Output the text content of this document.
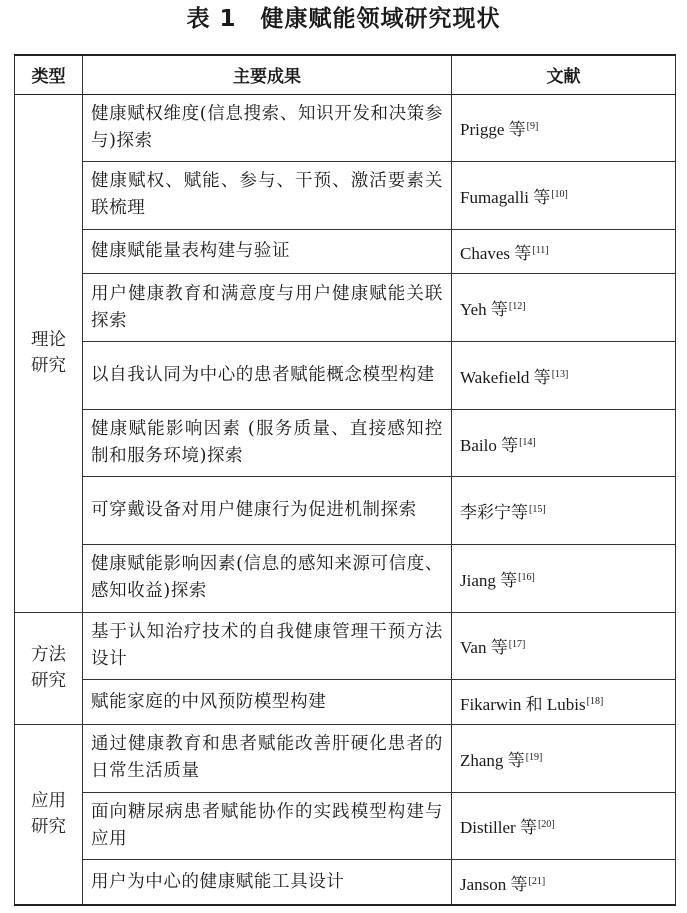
表 1　健康赋能领域研究现状
类型	主要成果	文献
理论研究	健康赋权维度(信息搜索、知识开发和决策参与)探索	Prigge 等[9]
	健康赋权、赋能、参与、干预、激活要素关联梳理	Fumagalli 等[10]
	健康赋能量表构建与验证	Chaves 等[11]
	用户健康教育和满意度与用户健康赋能关联探索	Yeh 等[12]
	以自我认同为中心的患者赋能概念模型构建	Wakefield 等[13]
	健康赋能影响因素 (服务质量、直接感知控制和服务环境)探索	Bailo 等[14]
	可穿戴设备对用户健康行为促进机制探索	李彩宁等[15]
	健康赋能影响因素(信息的感知来源可信度、感知收益)探索	Jiang 等[16]
方法研究	基于认知治疗技术的自我健康管理干预方法设计	Van 等[17]
	赋能家庭的中风预防模型构建	Fikarwin 和 Lubis[18]
应用研究	通过健康教育和患者赋能改善肝硬化患者的日常生活质量	Zhang 等[19]
	面向糖尿病患者赋能协作的实践模型构建与应用	Distiller 等[20]
	用户为中心的健康赋能工具设计	Janson 等[21]
